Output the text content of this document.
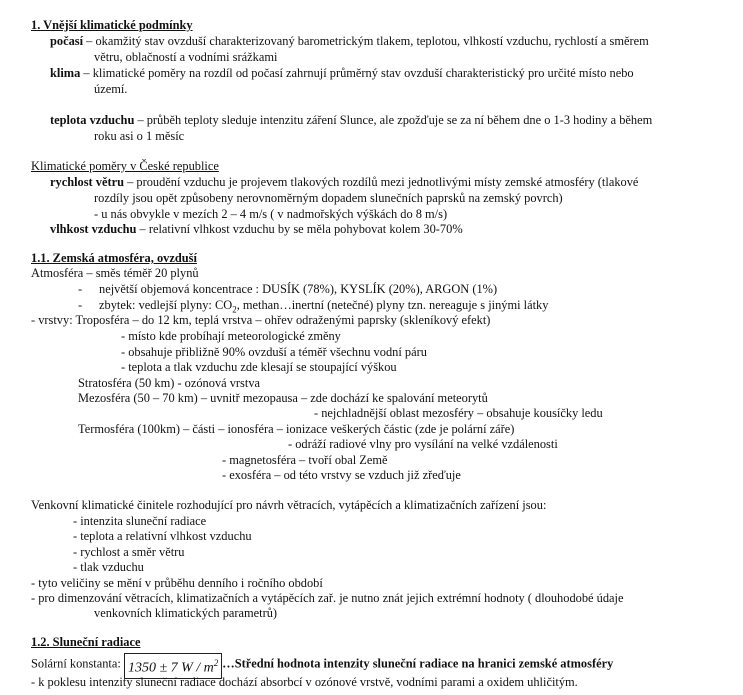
1. Vnější klimatické podmínky
počasí – okamžitý stav ovzduší charakterizovaný barometrickým tlakem, teplotou, vlhkostí vzduchu, rychlostí a směrem
větru, oblačností a vodními srážkami
klima – klimatické poměry na rozdíl od počasí zahrnují průměrný stav ovzduší charakteristický pro určité místo nebo
území.
teplota vzduchu – průběh teploty sleduje intenzitu záření Slunce, ale zpožďuje se za ní během dne o 1-3 hodiny a během
roku asi o 1 měsíc
Klimatické poměry v České republice
rychlost větru – proudění vzduchu je projevem tlakových rozdílů mezi jednotlivými místy zemské atmosféry (tlakové
rozdíly jsou opět způsobeny nerovnoměrným dopadem slunečních paprsků na zemský povrch)
- u nás obvykle v mezích 2 – 4 m/s ( v nadmořských výškách do 8 m/s)
vlhkost vzduchu – relativní vlhkost vzduchu by se měla pohybovat kolem 30-70%
1.1. Zemská atmosféra, ovzduší
Atmosféra – směs téměř 20 plynů
- největší objemová koncentrace : DUSÍK (78%), KYSLÍK (20%), ARGON (1%)
- zbytek: vedlejší plyny: $CO_2$, methan…inertní (netečné) plyny tzn. nereaguje s jinými látky
- vrstvy: Troposféra – do 12 km, teplá vrstva – ohřev odraženými paprsky (skleníkový efekt)
- místo kde probíhají meteorologické změny
- obsahuje přibližně 90% ovzduší a téměř všechnu vodní páru
- teplota a tlak vzduchu zde klesají se stoupající výškou
Stratosféra (50 km) - ozónová vrstva
Mezosféra (50 – 70 km) – uvnitř mezopausa – zde dochází ke spalování meteorytů
- nejchladnější oblast mezosféry – obsahuje kousíčky ledu
Termosféra (100km) – části – ionosféra – ionizace veškerých částic (zde je polární záře)
- odráží radiové vlny pro vysílání na velké vzdálenosti
- magnetosféra – tvoří obal Země
- exosféra – od této vrstvy se vzduch již zřeďuje
Venkovní klimatické činitele rozhodující pro návrh větracích, vytápěcích a klimatizačních zařízení jsou:
- intenzita sluneční radiace
- teplota a relativní vlhkost vzduchu
- rychlost a směr větru
- tlak vzduchu
- tyto veličiny se mění v průběhu denního i ročního období
- pro dimenzování větracích, klimatizačních a vytápěcích zař. je nutno znát jejich extrémní hodnoty ( dlouhodobé údaje
venkovních klimatických parametrů)
1.2. Sluneční radiace
Solární konstanta: 1350 ± 7 W / $m^2$ …Střední hodnota intenzity sluneční radiace na hranici zemské atmosféry
- k poklesu intenzity sluneční radiace dochází absorbcí v ozónové vrstvě, vodními parami a oxidem uhličitým.
